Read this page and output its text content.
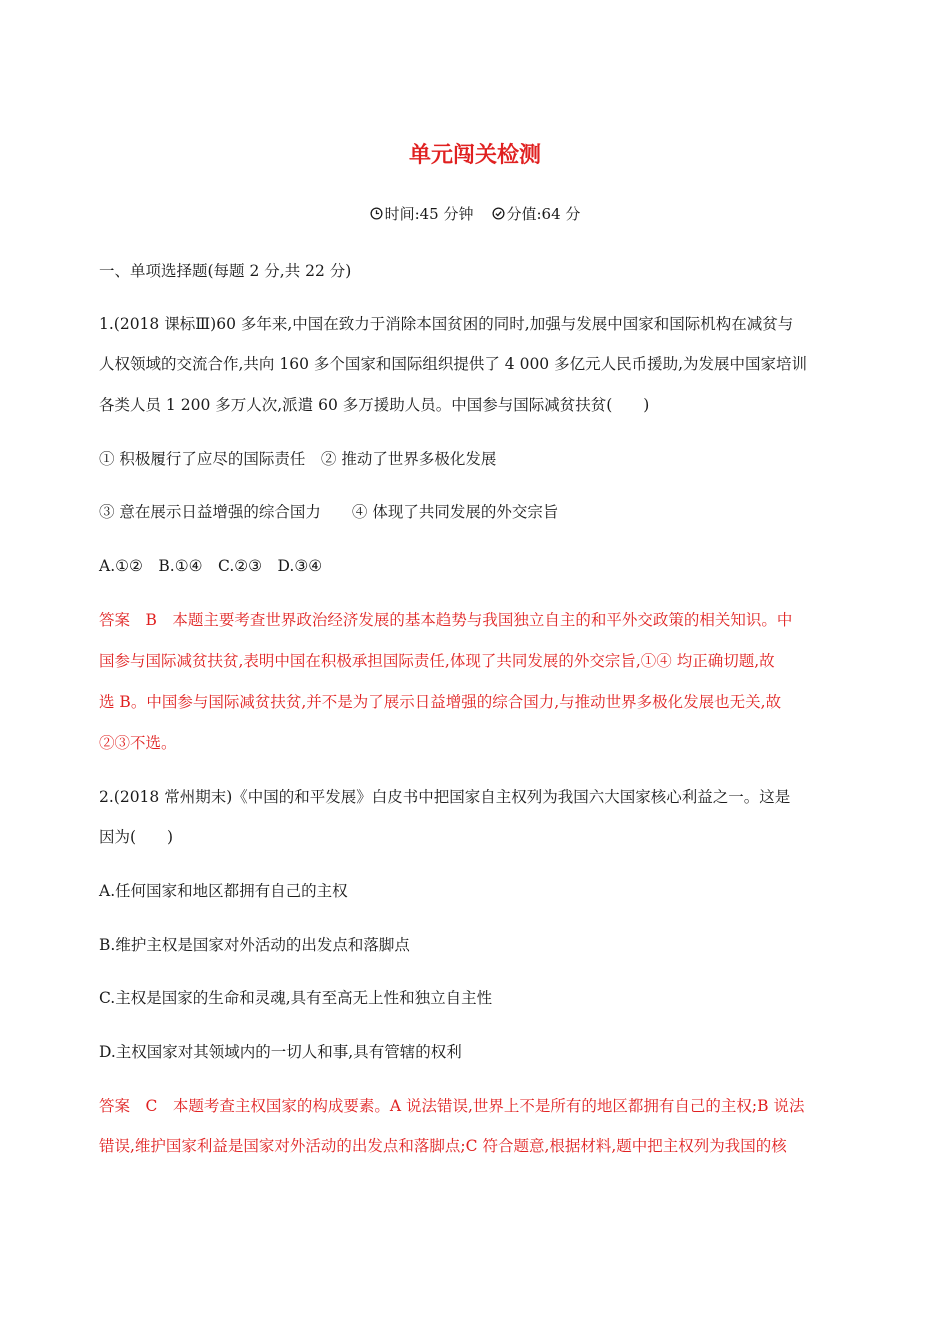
单元闯关检测
时间:45 分钟 分值:64 分
一、单项选择题(每题 2 分,共 22 分)
1.(2018 课标Ⅲ)60 多年来,中国在致力于消除本国贫困的同时,加强与发展中国家和国际机构在减贫与
人权领域的交流合作,共向 160 多个国家和国际组织提供了 4 000 多亿元人民币援助,为发展中国家培训
各类人员 1 200 多万人次,派遣 60 多万援助人员。中国参与国际减贫扶贫(　　)
① 积极履行了应尽的国际责任　② 推动了世界多极化发展
③ 意在展示日益增强的综合国力　　④ 体现了共同发展的外交宗旨
A.①②　B.①④　C.②③　D.③④
答案　B　本题主要考查世界政治经济发展的基本趋势与我国独立自主的和平外交政策的相关知识。中
国参与国际减贫扶贫,表明中国在积极承担国际责任,体现了共同发展的外交宗旨,①④ 均正确切题,故
选 B。中国参与国际减贫扶贫,并不是为了展示日益增强的综合国力,与推动世界多极化发展也无关,故
②③不选。
2.(2018 常州期末)《中国的和平发展》白皮书中把国家自主权列为我国六大国家核心利益之一。这是
因为(　　)
A.任何国家和地区都拥有自己的主权
B.维护主权是国家对外活动的出发点和落脚点
C.主权是国家的生命和灵魂,具有至高无上性和独立自主性
D.主权国家对其领域内的一切人和事,具有管辖的权利
答案　C　本题考查主权国家的构成要素。A 说法错误,世界上不是所有的地区都拥有自己的主权;B 说法
错误,维护国家利益是国家对外活动的出发点和落脚点;C 符合题意,根据材料,题中把主权列为我国的核
